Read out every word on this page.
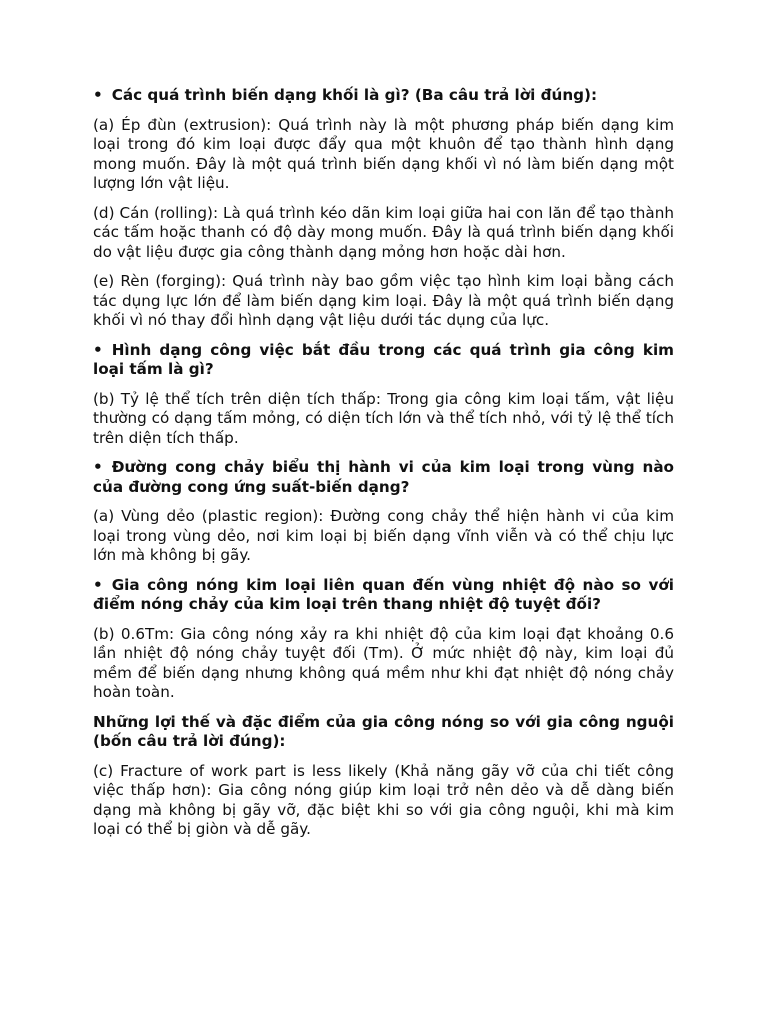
• Các quá trình biến dạng khối là gì? (Ba câu trả lời đúng):

(a) Ép đùn (extrusion): Quá trình này là một phương pháp biến dạng kim loại trong đó kim loại được đẩy qua một khuôn để tạo thành hình dạng mong muốn. Đây là một quá trình biến dạng khối vì nó làm biến dạng một lượng lớn vật liệu.

(d) Cán (rolling): Là quá trình kéo dãn kim loại giữa hai con lăn để tạo thành các tấm hoặc thanh có độ dày mong muốn. Đây là quá trình biến dạng khối do vật liệu được gia công thành dạng mỏng hơn hoặc dài hơn.

(e) Rèn (forging): Quá trình này bao gồm việc tạo hình kim loại bằng cách tác dụng lực lớn để làm biến dạng kim loại. Đây là một quá trình biến dạng khối vì nó thay đổi hình dạng vật liệu dưới tác dụng của lực.

• Hình dạng công việc bắt đầu trong các quá trình gia công kim loại tấm là gì?

(b) Tỷ lệ thể tích trên diện tích thấp: Trong gia công kim loại tấm, vật liệu thường có dạng tấm mỏng, có diện tích lớn và thể tích nhỏ, với tỷ lệ thể tích trên diện tích thấp.

• Đường cong chảy biểu thị hành vi của kim loại trong vùng nào của đường cong ứng suất-biến dạng?

(a) Vùng dẻo (plastic region): Đường cong chảy thể hiện hành vi của kim loại trong vùng dẻo, nơi kim loại bị biến dạng vĩnh viễn và có thể chịu lực lớn mà không bị gãy.

• Gia công nóng kim loại liên quan đến vùng nhiệt độ nào so với điểm nóng chảy của kim loại trên thang nhiệt độ tuyệt đối?

(b) 0.6Tm: Gia công nóng xảy ra khi nhiệt độ của kim loại đạt khoảng 0.6 lần nhiệt độ nóng chảy tuyệt đối (Tm). Ở mức nhiệt độ này, kim loại đủ mềm để biến dạng nhưng không quá mềm như khi đạt nhiệt độ nóng chảy hoàn toàn.

Những lợi thế và đặc điểm của gia công nóng so với gia công nguội (bốn câu trả lời đúng):

(c) Fracture of work part is less likely (Khả năng gãy vỡ của chi tiết công việc thấp hơn): Gia công nóng giúp kim loại trở nên dẻo và dễ dàng biến dạng mà không bị gãy vỡ, đặc biệt khi so với gia công nguội, khi mà kim loại có thể bị giòn và dễ gãy.
